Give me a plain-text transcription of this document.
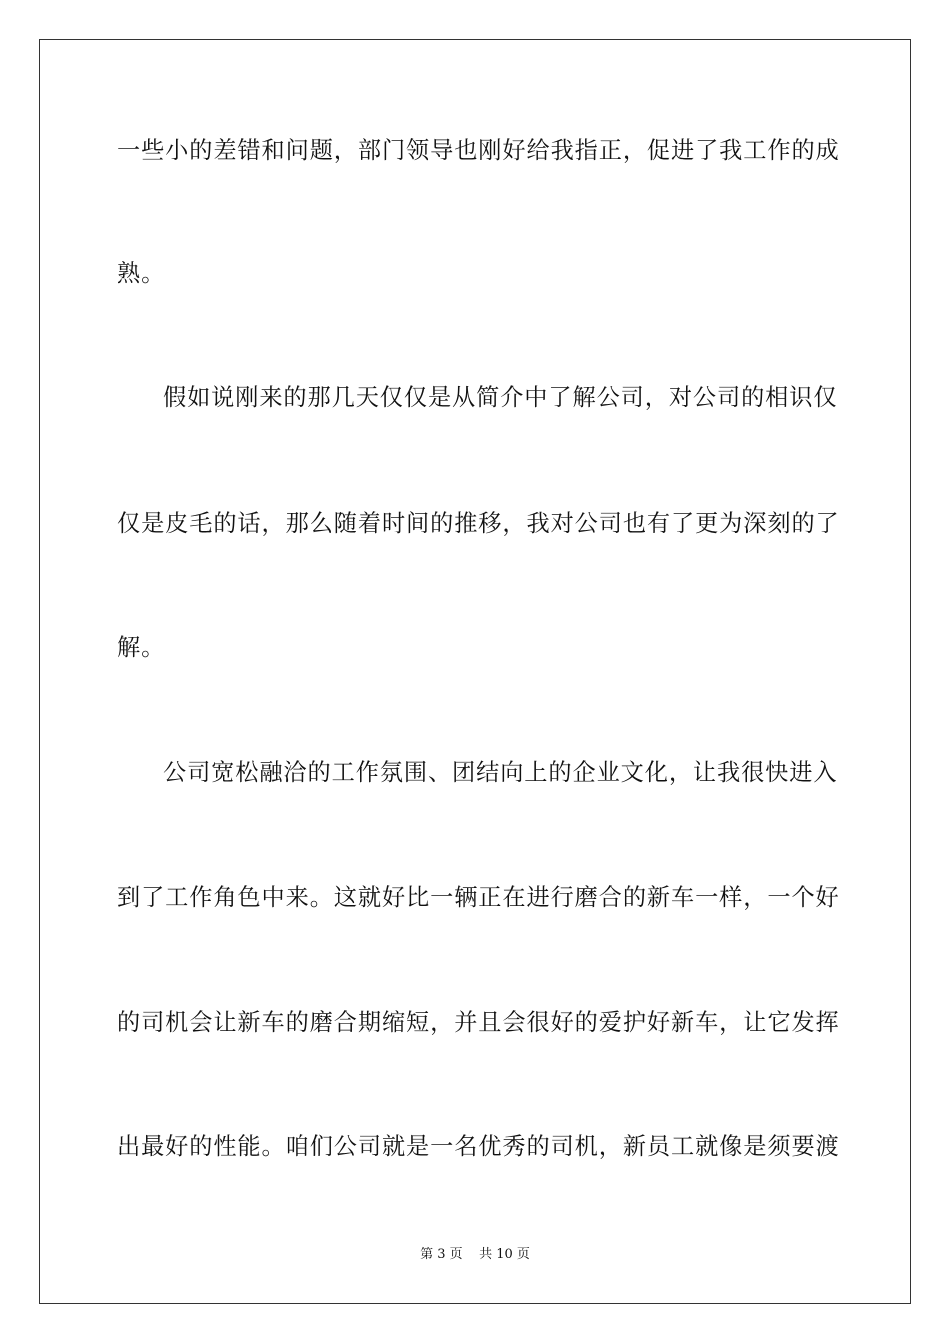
一些小的差错和问题，部门领导也刚好给我指正，促进了我工作的成
熟。
假如说刚来的那几天仅仅是从简介中了解公司，对公司的相识仅
仅是皮毛的话，那么随着时间的推移，我对公司也有了更为深刻的了
解。
公司宽松融洽的工作氛围、团结向上的企业文化，让我很快进入
到了工作角色中来。这就好比一辆正在进行磨合的新车一样，一个好
的司机会让新车的磨合期缩短，并且会很好的爱护好新车，让它发挥
出最好的性能。咱们公司就是一名优秀的司机，新员工就像是须要渡
第 3 页    共 10 页
